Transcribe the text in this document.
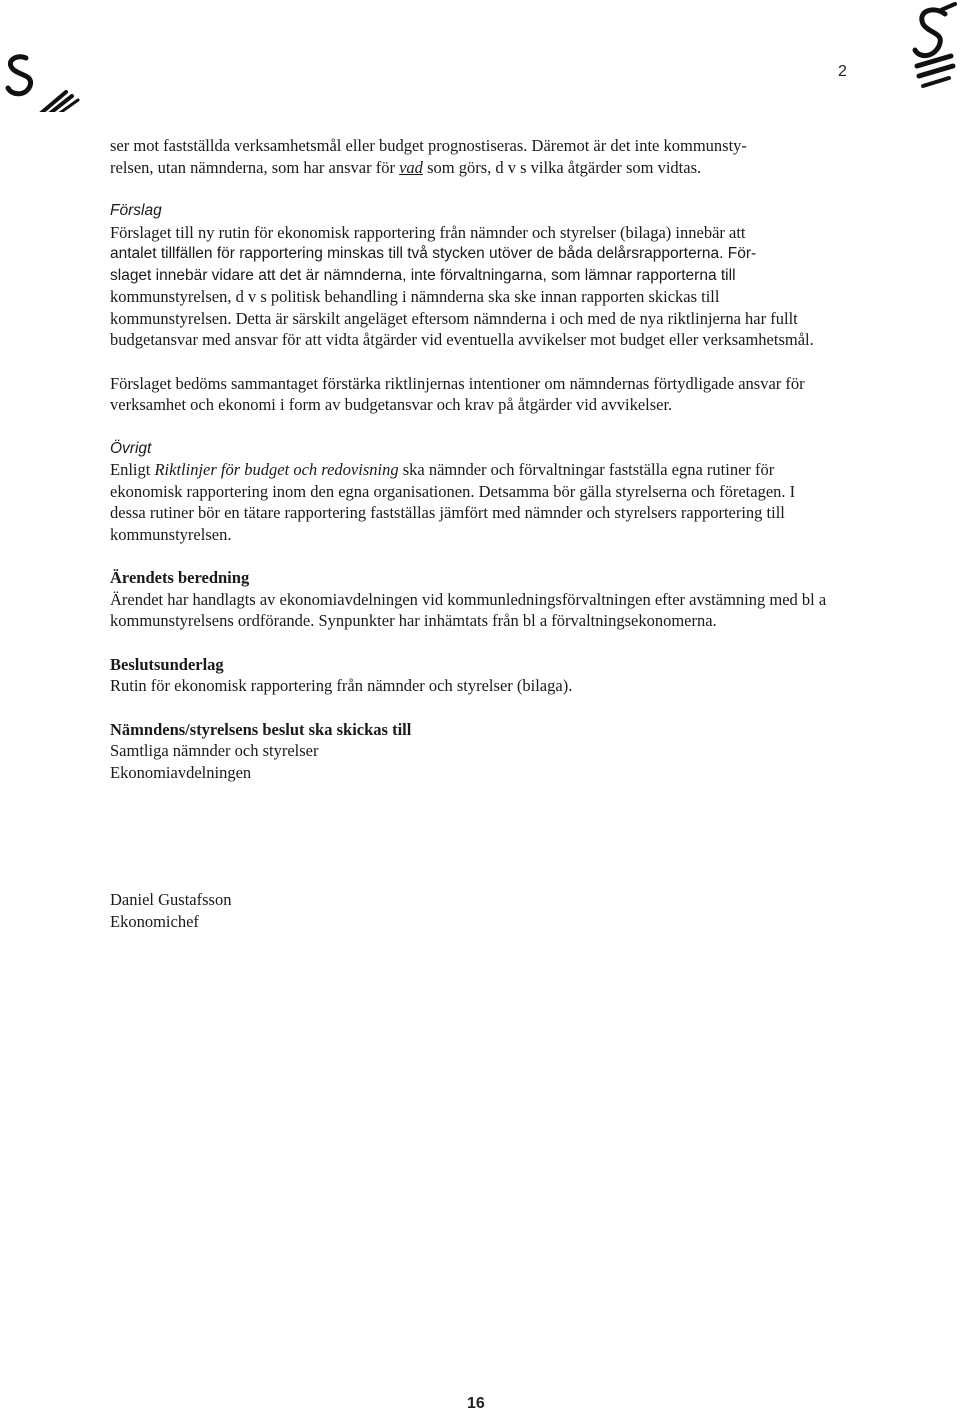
2

ser mot fastställda verksamhetsmål eller budget prognostiseras. Däremot är det inte kommunsty-

relsen, utan nämnderna, som har ansvar för vad som görs, d v s vilka åtgärder som vidtas.

Förslag

Förslaget till ny rutin för ekonomisk rapportering från nämnder och styrelser (bilaga) innebär att

antalet tillfällen för rapportering minskas till två stycken utöver de båda delårsrapporterna. För-

slaget innebär vidare att det är nämnderna, inte förvaltningarna, som lämnar rapporterna till

kommunstyrelsen, d v s politisk behandling i nämnderna ska ske innan rapporten skickas till kommunstyrelsen. Detta är särskilt angeläget eftersom nämnderna i och med de nya riktlinjerna har fullt budgetansvar med ansvar för att vidta åtgärder vid eventuella avvikelser mot budget eller verksamhetsmål.

Förslaget bedöms sammantaget förstärka riktlinjernas intentioner om nämndernas förtydligade ansvar för verksamhet och ekonomi i form av budgetansvar och krav på åtgärder vid avvikelser.

Övrigt

Enligt Riktlinjer för budget och redovisning ska nämnder och förvaltningar fastställa egna rutiner för ekonomisk rapportering inom den egna organisationen. Detsamma bör gälla styrelserna och företagen. I dessa rutiner bör en tätare rapportering fastställas jämfört med nämnder och styrelsers rapportering till kommunstyrelsen.

Ärendets beredning

Ärendet har handlagts av ekonomiavdelningen vid kommunledningsförvaltningen efter avstämning med bl a kommunstyrelsens ordförande. Synpunkter har inhämtats från bl a förvaltningsekonomerna.

Beslutsunderlag

Rutin för ekonomisk rapportering från nämnder och styrelser (bilaga).

Nämndens/styrelsens beslut ska skickas till

Samtliga nämnder och styrelser

Ekonomiavdelningen

Daniel Gustafsson

Ekonomichef

16
